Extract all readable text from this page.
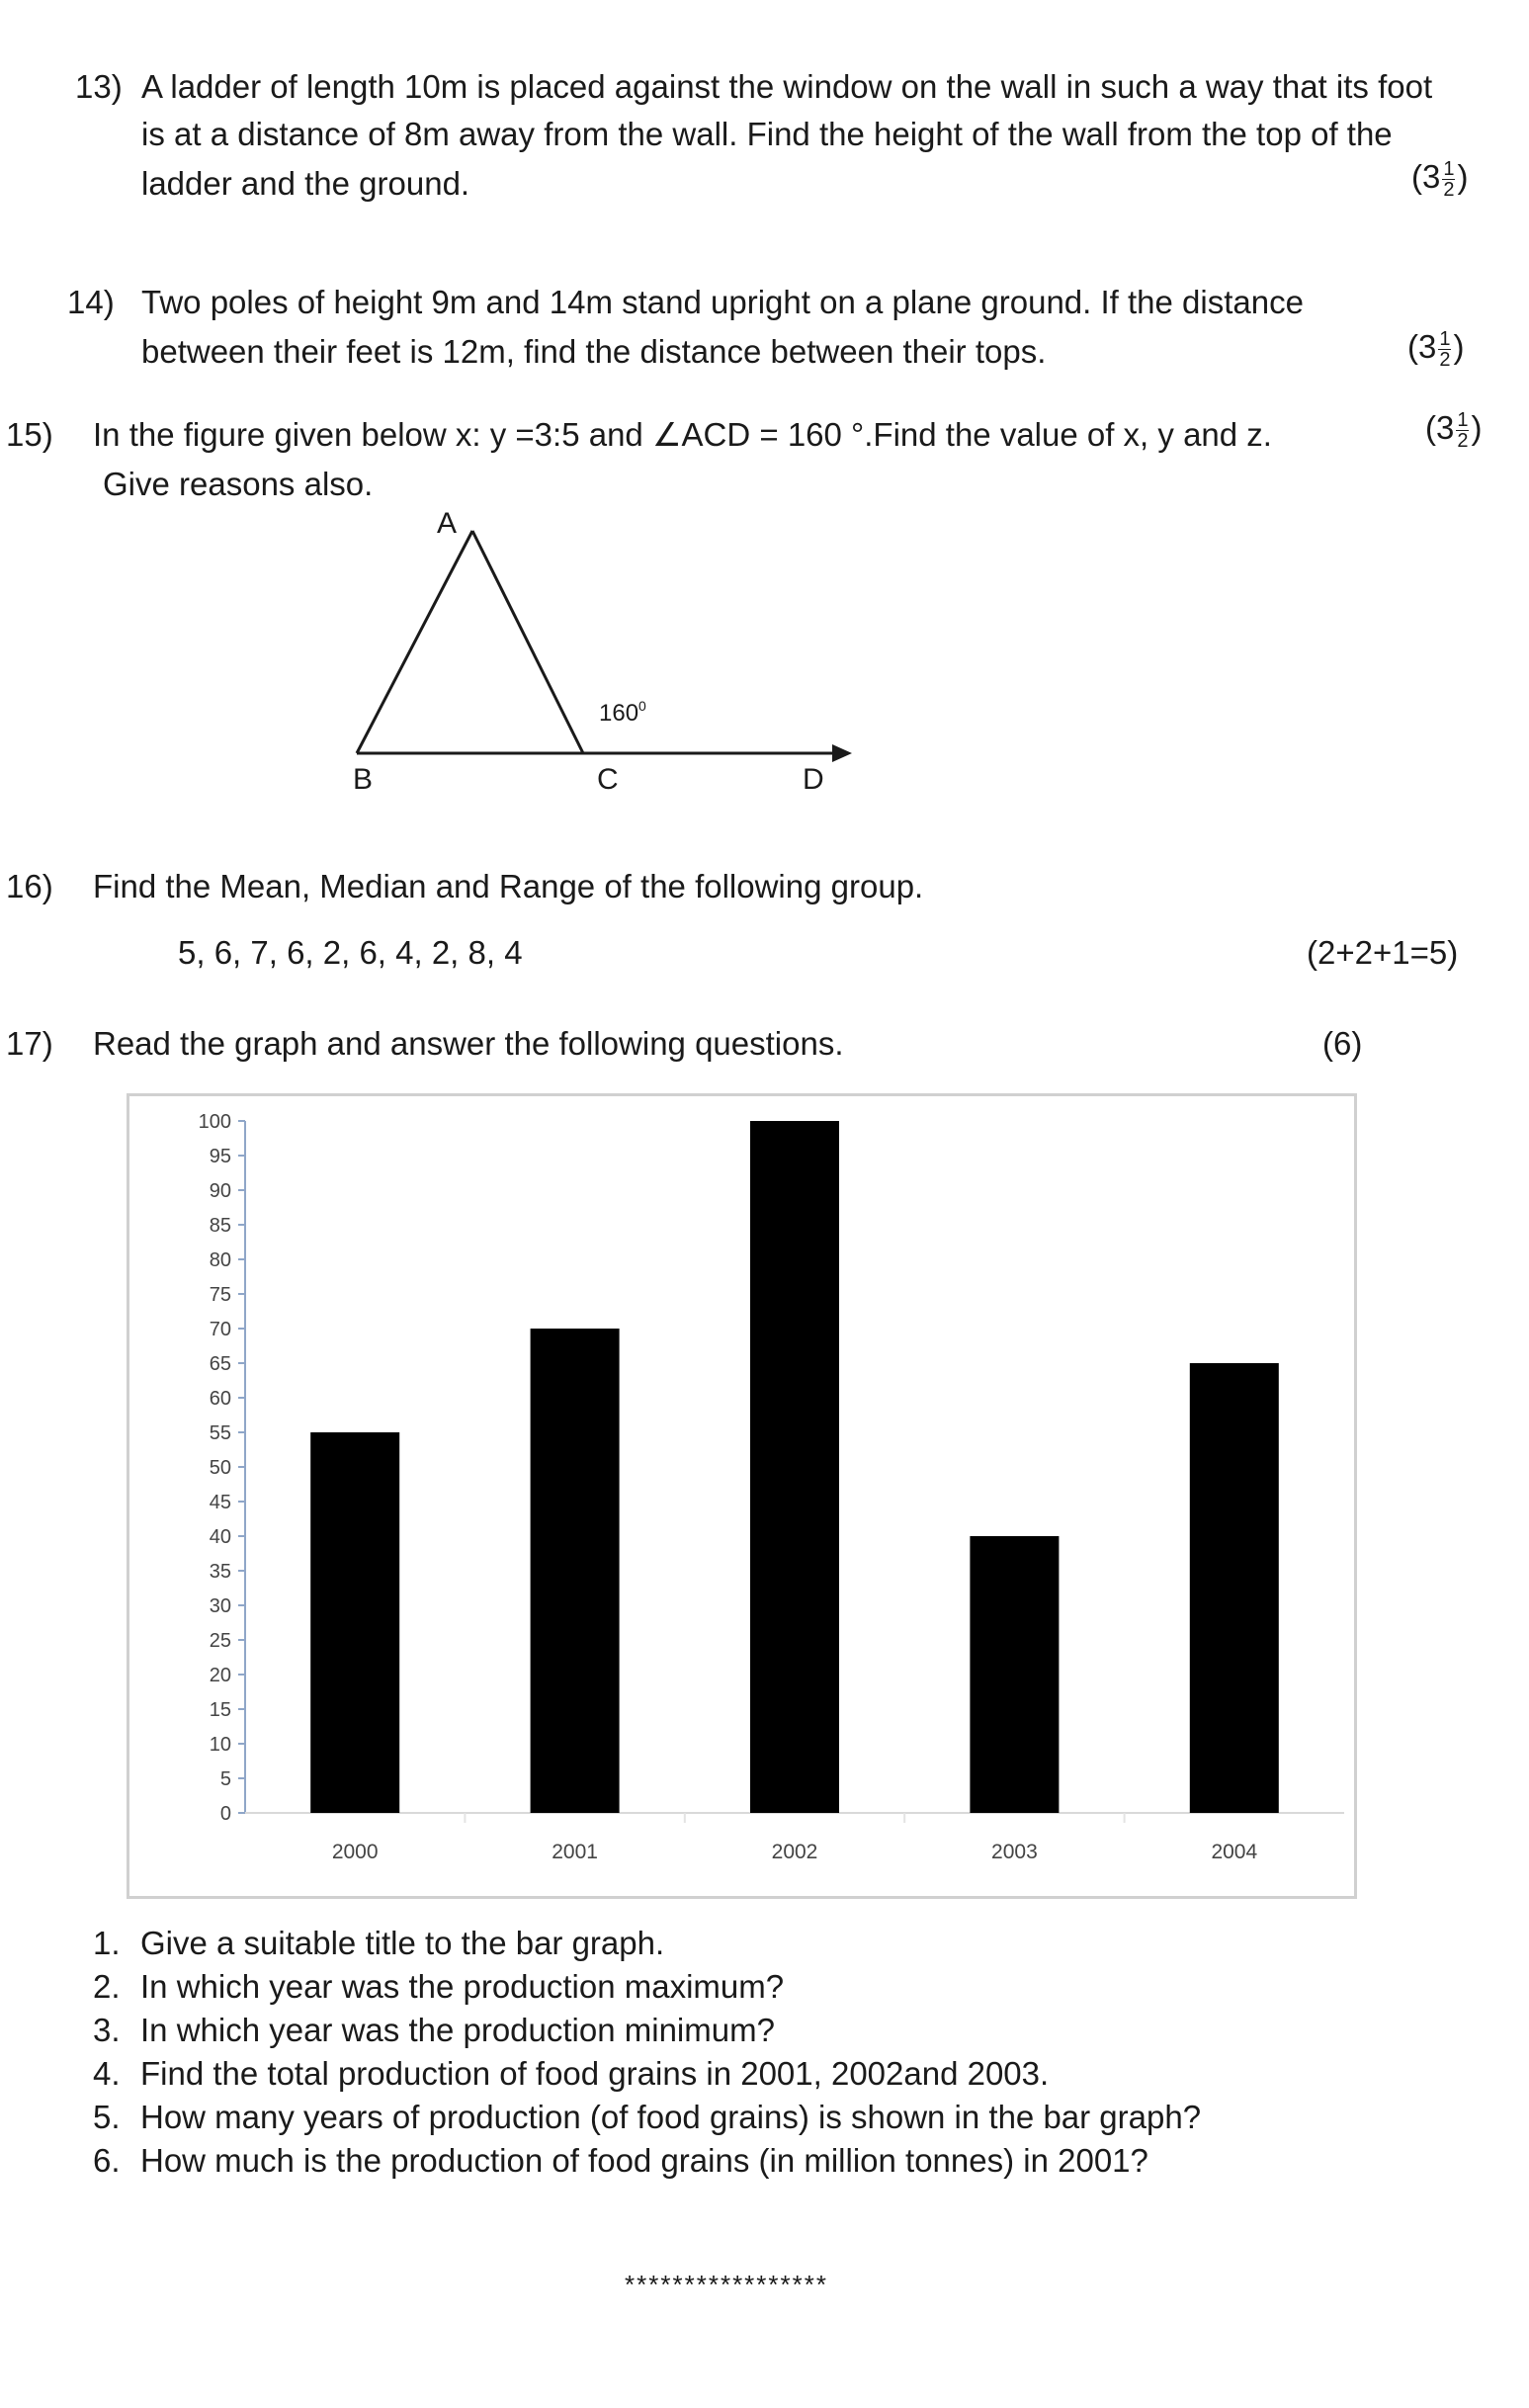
13) A ladder of length 10m is placed against the window on the wall in such a way that its foot
is at a distance of 8m away from the wall. Find the height of the wall from the top of the
ladder and the ground.	($3 \frac{1}{2}$ )
14) Two poles of height 9m and 14m stand upright on a plane ground. If the distance
between their feet is 12m, find the distance between their tops.	($3 \frac{1}{2}$ )
15) In the figure given below x: y =3:5 and ∠ACD = 160 °.Find the value of x, y and z.
Give reasons also.
($3 \frac{1}{2}$ )
A
B	C	D
$160^0$
16) Find the Mean, Median and Range of the following group.
5, 6, 7, 6, 2, 6, 4, 2, 8, 4	(2+2+1=5)
17) Read the graph and answer the following questions.	(6)
0
5
10
15
20
25
30
35
40
45
50
55
60
65
70
75
80
85
90
95
100
2000	2001	2002	2003	2004
1. Give a suitable title to the bar graph.
2. In which year was the production maximum?
3. In which year was the production minimum?
4. Find the total production of food grains in 2001, 2002and 2003.
5. How many years of production (of food grains) is shown in the bar graph?
6. How much is the production of food grains (in million tonnes) in 2001?
*****************
